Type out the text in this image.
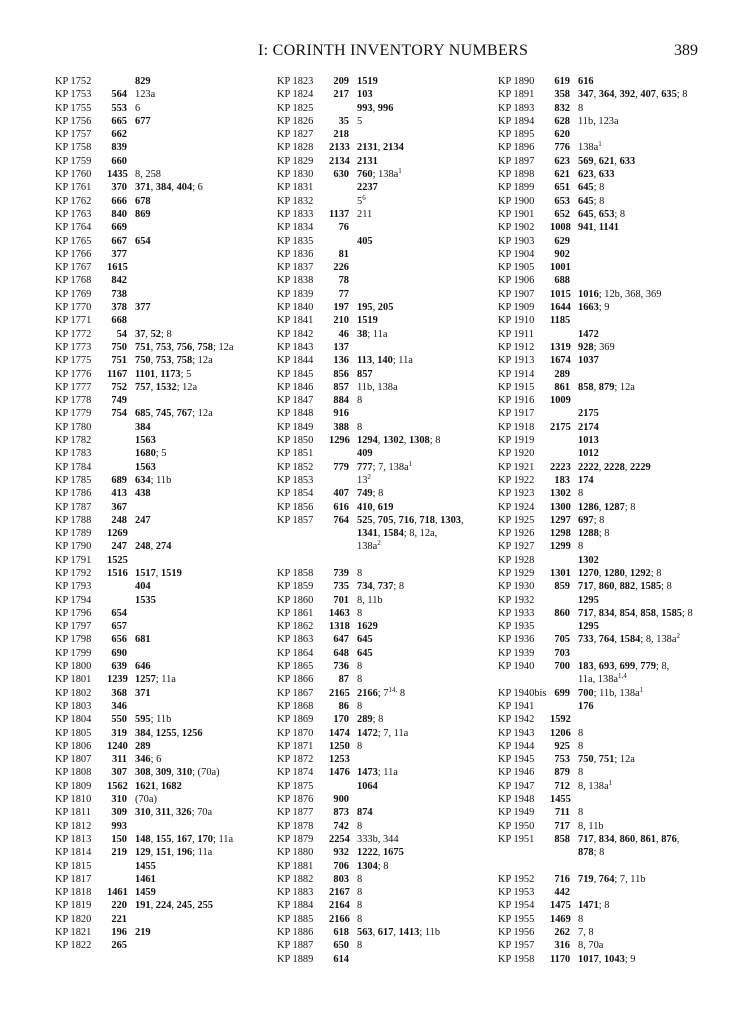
I: CORINTH INVENTORY NUMBERS	389
KP 1752	829
KP 1753 564 123a
KP 1755 553 6
KP 1756 665 677
KP 1757 662
KP 1758 839
KP 1759 660
KP 1760 1435 8, 258
KP 1761 370 371, 384, 404; 6
KP 1762 666 678
KP 1763 840 869
KP 1764 669
KP 1765 667 654
KP 1766 377
KP 1767 1615
KP 1768 842
KP 1769 738
KP 1770 378 377
KP 1771 668
KP 1772 54 37, 52; 8
KP 1773 750 751, 753, 756, 758; 12a
KP 1775 751 750, 753, 758; 12a
KP 1776 1167 1101, 1173; 5
KP 1777 752 757, 1532; 12a
KP 1778 749
KP 1779 754 685, 745, 767; 12a
KP 1780	384
KP 1782	1563
KP 1783	1680; 5
KP 1784	1563
KP 1785 689 634; 11b
KP 1786 413 438
KP 1787 367
KP 1788 248 247
KP 1789 1269
KP 1790 247 248, 274
KP 1791 1525
KP 1792 1516 1517, 1519
KP 1793	404
KP 1794	1535
KP 1796 654
KP 1797 657
KP 1798 656 681
KP 1799 690
KP 1800 639 646
KP 1801 1239 1257; 11a
KP 1802 368 371
KP 1803 346
KP 1804 550 595; 11b
KP 1805 319 384, 1255, 1256
KP 1806 1240 289
KP 1807 311 346; 6
KP 1808 307 308, 309, 310; (70a)
KP 1809 1562 1621, 1682
KP 1810 310 (70a)
KP 1811 309 310, 311, 326; 70a
KP 1812 993
KP 1813 150 148, 155, 167, 170; 11a
KP 1814 219 129, 151, 196; 11a
KP 1815	1455
KP 1817	1461
KP 1818 1461 1459
KP 1819 220 191, 224, 245, 255
KP 1820 221
KP 1821 196 219
KP 1822 265
KP 1823 209 1519
KP 1824 217 103
KP 1825	993, 996
KP 1826 35 5
KP 1827 218
KP 1828 2133 2131, 2134
KP 1829 2134 2131
KP 1830 630 760; $138a^1$
KP 1831	2237
KP 1832	$5^6$
KP 1833 1137 211
KP 1834 76
KP 1835	405
KP 1836 81
KP 1837 226
KP 1838 78
KP 1839 77
KP 1840 197 195, 205
KP 1841 210 1519
KP 1842 46 38; 11a
KP 1843 137
KP 1844 136 113, 140; 11a
KP 1845 856 857
KP 1846 857 11b, 138a
KP 1847 884 8
KP 1848 916
KP 1849 388 8
KP 1850 1296 1294, 1302, 1308; 8
KP 1851	409
KP 1852 779 777; 7, $138a^1$
KP 1853	$13^2$
KP 1854 407 749; 8
KP 1856 616 410, 619
KP 1857 764 525, 705, 716, 718, 1303,
1341, 1584; 8, 12a,
$138a^2$
KP 1858 739 8
KP 1859 735 734, 737; 8
KP 1860 701 8, 11b
KP 1861 1463 8
KP 1862 1318 1629
KP 1863 647 645
KP 1864 648 645
KP 1865 736 8
KP 1866 87 8
KP 1867 2165 2166; $7^{14,}$ 8
KP 1868 86 8
KP 1869 170 289; 8
KP 1870 1474 1472; 7, 11a
KP 1871 1250 8
KP 1872 1253
KP 1874 1476 1473; 11a
KP 1875	1064
KP 1876 900
KP 1877 873 874
KP 1878 742 8
KP 1879 2254 333b, 344
KP 1880 932 1222, 1675
KP 1881 706 1304; 8
KP 1882 803 8
KP 1883 2167 8
KP 1884 2164 8
KP 1885 2166 8
KP 1886 618 563, 617, 1413; 11b
KP 1887 650 8
KP 1889 614
KP 1890 619 616
KP 1891 358 347, 364, 392, 407, 635; 8
KP 1893 832 8
KP 1894 628 11b, 123a
KP 1895 620
KP 1896 776 $138a^1$
KP 1897 623 569, 621, 633
KP 1898 621 623, 633
KP 1899 651 645; 8
KP 1900 653 645; 8
KP 1901 652 645, 653; 8
KP 1902 1008 941, 1141
KP 1903 629
KP 1904 902
KP 1905 1001
KP 1906 688
KP 1907 1015 1016; 12b, 368, 369
KP 1909 1644 1663; 9
KP 1910 1185
KP 1911	1472
KP 1912 1319 928; 369
KP 1913 1674 1037
KP 1914 289
KP 1915 861 858, 879; 12a
KP 1916 1009
KP 1917	2175
KP 1918 2175 2174
KP 1919	1013
KP 1920	1012
KP 1921 2223 2222, 2228, 2229
KP 1922 183 174
KP 1923 1302 8
KP 1924 1300 1286, 1287; 8
KP 1925 1297 697; 8
KP 1926 1298 1288; 8
KP 1927 1299 8
KP 1928	1302
KP 1929 1301 1270, 1280, 1292; 8
KP 1930 859 717, 860, 882, 1585; 8
KP 1932	1295
KP 1933 860 717, 834, 854, 858, 1585; 8
KP 1935	1295
KP 1936 705 733, 764, 1584; 8, $138a^2$
KP 1939 703
KP 1940 700 183, 693, 699, 779; 8,
11a, $138a^{1,4}$
KP 1940bis 699 700; 11b, $138a^1$
KP 1941	176
KP 1942 1592
KP 1943 1206 8
KP 1944 925 8
KP 1945 753 750, 751; 12a
KP 1946 879 8
KP 1947 712 8, $138a^1$
KP 1948 1455
KP 1949 711 8
KP 1950 717 8, 11b
KP 1951 858 717, 834, 860, 861, 876,
878; 8
KP 1952 716 719, 764; 7, 11b
KP 1953 442
KP 1954 1475 1471; 8
KP 1955 1469 8
KP 1956 262 7, 8
KP 1957 316 8, 70a
KP 1958 1170 1017, 1043; 9
